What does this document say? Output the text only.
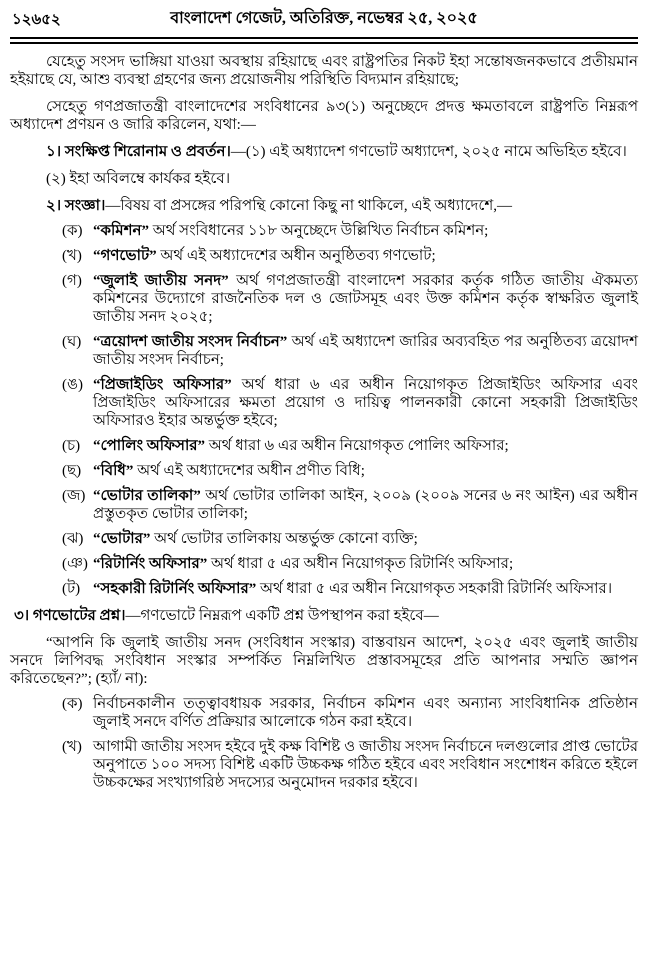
১২৬৫২	বাংলাদেশ গেজেট, অতিরিক্ত, নভেম্বর ২৫, ২০২৫

যেহেতু সংসদ ভাঙ্গিয়া যাওয়া অবস্থায় রহিয়াছে এবং রাষ্ট্রপতির নিকট ইহা সন্তোষজনকভাবে প্রতীয়মান হইয়াছে যে, আশু ব্যবস্থা গ্রহণের জন্য প্রয়োজনীয় পরিস্থিতি বিদ্যমান রহিয়াছে;

সেহেতু গণপ্রজাতন্ত্রী বাংলাদেশের সংবিধানের ৯৩(১) অনুচ্ছেদে প্রদত্ত ক্ষমতাবলে রাষ্ট্রপতি নিম্নরূপ অধ্যাদেশ প্রণয়ন ও জারি করিলেন, যথা:—

১। সংক্ষিপ্ত শিরোনাম ও প্রবর্তন।—(১) এই অধ্যাদেশ গণভোট অধ্যাদেশ, ২০২৫ নামে অভিহিত হইবে।

(২) ইহা অবিলম্বে কার্যকর হইবে।

২। সংজ্ঞা।—বিষয় বা প্রসঙ্গের পরিপন্থি কোনো কিছু না থাকিলে, এই অধ্যাদেশে,—

(ক) “কমিশন” অর্থ সংবিধানের ১১৮ অনুচ্ছেদে উল্লিখিত নির্বাচন কমিশন;
(খ) “গণভোট” অর্থ এই অধ্যাদেশের অধীন অনুষ্ঠিতব্য গণভোট;
(গ) “জুলাই জাতীয় সনদ” অর্থ গণপ্রজাতন্ত্রী বাংলাদেশ সরকার কর্তৃক গঠিত জাতীয় ঐকমত্য কমিশনের উদ্যোগে রাজনৈতিক দল ও জোটসমূহ এবং উক্ত কমিশন কর্তৃক স্বাক্ষরিত জুলাই জাতীয় সনদ ২০২৫;
(ঘ) “ত্রয়োদশ জাতীয় সংসদ নির্বাচন” অর্থ এই অধ্যাদেশ জারির অব্যবহিত পর অনুষ্ঠিতব্য ত্রয়োদশ জাতীয় সংসদ নির্বাচন;
(ঙ) “প্রিজাইডিং অফিসার” অর্থ ধারা ৬ এর অধীন নিয়োগকৃত প্রিজাইডিং অফিসার এবং প্রিজাইডিং অফিসারের ক্ষমতা প্রয়োগ ও দায়িত্ব পালনকারী কোনো সহকারী প্রিজাইডিং অফিসারও ইহার অন্তর্ভুক্ত হইবে;
(চ) “পোলিং অফিসার” অর্থ ধারা ৬ এর অধীন নিয়োগকৃত পোলিং অফিসার;
(ছ) “বিধি” অর্থ এই অধ্যাদেশের অধীন প্রণীত বিধি;
(জ) “ভোটার তালিকা” অর্থ ভোটার তালিকা আইন, ২০০৯ (২০০৯ সনের ৬ নং আইন) এর অধীন প্রস্তুতকৃত ভোটার তালিকা;
(ঝ) “ভোটার” অর্থ ভোটার তালিকায় অন্তর্ভুক্ত কোনো ব্যক্তি;
(ঞ) “রিটার্নিং অফিসার” অর্থ ধারা ৫ এর অধীন নিয়োগকৃত রিটার্নিং অফিসার;
(ট) “সহকারী রিটার্নিং অফিসার” অর্থ ধারা ৫ এর অধীন নিয়োগকৃত সহকারী রিটার্নিং অফিসার।

৩। গণভোটের প্রশ্ন।—গণভোটে নিম্নরূপ একটি প্রশ্ন উপস্থাপন করা হইবে—

“আপনি কি জুলাই জাতীয় সনদ (সংবিধান সংস্কার) বাস্তবায়ন আদেশ, ২০২৫ এবং জুলাই জাতীয় সনদে লিপিবদ্ধ সংবিধান সংস্কার সম্পর্কিত নিম্নলিখিত প্রস্তাবসমূহের প্রতি আপনার সম্মতি জ্ঞাপন করিতেছেন?”; (হ্যাঁ/ না):

(ক) নির্বাচনকালীন তত্ত্বাবধায়ক সরকার, নির্বাচন কমিশন এবং অন্যান্য সাংবিধানিক প্রতিষ্ঠান জুলাই সনদে বর্ণিত প্রক্রিয়ার আলোকে গঠন করা হইবে।
(খ) আগামী জাতীয় সংসদ হইবে দুই কক্ষ বিশিষ্ট ও জাতীয় সংসদ নির্বাচনে দলগুলোর প্রাপ্ত ভোটের অনুপাতে ১০০ সদস্য বিশিষ্ট একটি উচ্চকক্ষ গঠিত হইবে এবং সংবিধান সংশোধন করিতে হইলে উচ্চকক্ষের সংখ্যাগরিষ্ঠ সদস্যের অনুমোদন দরকার হইবে।
